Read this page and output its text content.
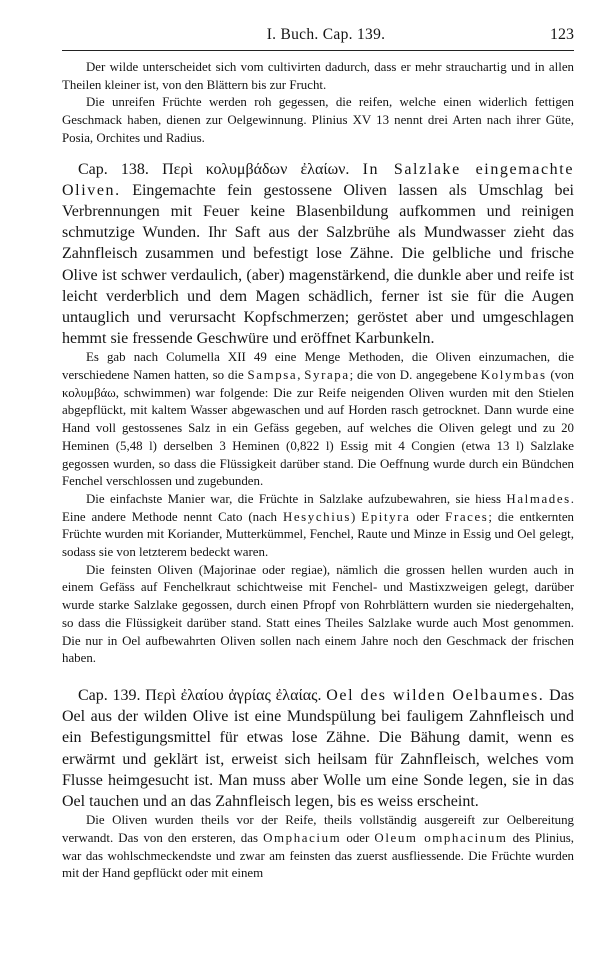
I. Buch. Cap. 139.	123

Der wilde unterscheidet sich vom cultivirten dadurch, dass er mehr strauchartig und in allen Theilen kleiner ist, von den Blättern bis zur Frucht.

Die unreifen Früchte werden roh gegessen, die reifen, welche einen widerlich fettigen Geschmack haben, dienen zur Oelgewinnung. Plinius XV 13 nennt drei Arten nach ihrer Güte, Posia, Orchites und Radius.

Cap. 138. Περὶ κολυμβάδων ἐλαίων. In Salzlake eingemachte Oliven. Eingemachte fein gestossene Oliven lassen als Umschlag bei Verbrennungen mit Feuer keine Blasenbildung aufkommen und reinigen schmutzige Wunden. Ihr Saft aus der Salzbrühe als Mundwasser zieht das Zahnfleisch zusammen und befestigt lose Zähne. Die gelbliche und frische Olive ist schwer verdaulich, (aber) magenstärkend, die dunkle aber und reife ist leicht verderblich und dem Magen schädlich, ferner ist sie für die Augen untauglich und verursacht Kopfschmerzen; geröstet aber und umgeschlagen hemmt sie fressende Geschwüre und eröffnet Karbunkeln.

Es gab nach Columella XII 49 eine Menge Methoden, die Oliven einzumachen, die verschiedene Namen hatten, so die Sampsa, Syrapa; die von D. angegebene Kolymbas (von κολυμβάω, schwimmen) war folgende: Die zur Reife neigenden Oliven wurden mit den Stielen abgepflückt, mit kaltem Wasser abgewaschen und auf Horden rasch getrocknet. Dann wurde eine Hand voll gestossenes Salz in ein Gefäss gegeben, auf welches die Oliven gelegt und zu 20 Heminen (5,48 l) derselben 3 Heminen (0,822 l) Essig mit 4 Congien (etwa 13 l) Salzlake gegossen wurden, so dass die Flüssigkeit darüber stand. Die Oeffnung wurde durch ein Bündchen Fenchel verschlossen und zugebunden.

Die einfachste Manier war, die Früchte in Salzlake aufzubewahren, sie hiess Halmades. Eine andere Methode nennt Cato (nach Hesychius) Epityra oder Fraces; die entkernten Früchte wurden mit Koriander, Mutterkümmel, Fenchel, Raute und Minze in Essig und Oel gelegt, sodass sie von letzterem bedeckt waren.

Die feinsten Oliven (Majorinae oder regiae), nämlich die grossen hellen wurden auch in einem Gefäss auf Fenchelkraut schichtweise mit Fenchel- und Mastixzweigen gelegt, darüber wurde starke Salzlake gegossen, durch einen Pfropf von Rohrblättern wurden sie niedergehalten, so dass die Flüssigkeit darüber stand. Statt eines Theiles Salzlake wurde auch Most genommen. Die nur in Oel aufbewahrten Oliven sollen nach einem Jahre noch den Geschmack der frischen haben.

Cap. 139. Περὶ ἐλαίου ἀγρίας ἐλαίας. Oel des wilden Oelbaumes. Das Oel aus der wilden Olive ist eine Mundspülung bei fauligem Zahnfleisch und ein Befestigungsmittel für etwas lose Zähne. Die Bähung damit, wenn es erwärmt und geklärt ist, erweist sich heilsam für Zahnfleisch, welches vom Flusse heimgesucht ist. Man muss aber Wolle um eine Sonde legen, sie in das Oel tauchen und an das Zahnfleisch legen, bis es weiss erscheint.

Die Oliven wurden theils vor der Reife, theils vollständig ausgereift zur Oelbereitung verwandt. Das von den ersteren, das Omphacium oder Oleum omphacinum des Plinius, war das wohlschmeckendste und zwar am feinsten das zuerst ausfliessende. Die Früchte wurden mit der Hand gepflückt oder mit einem
